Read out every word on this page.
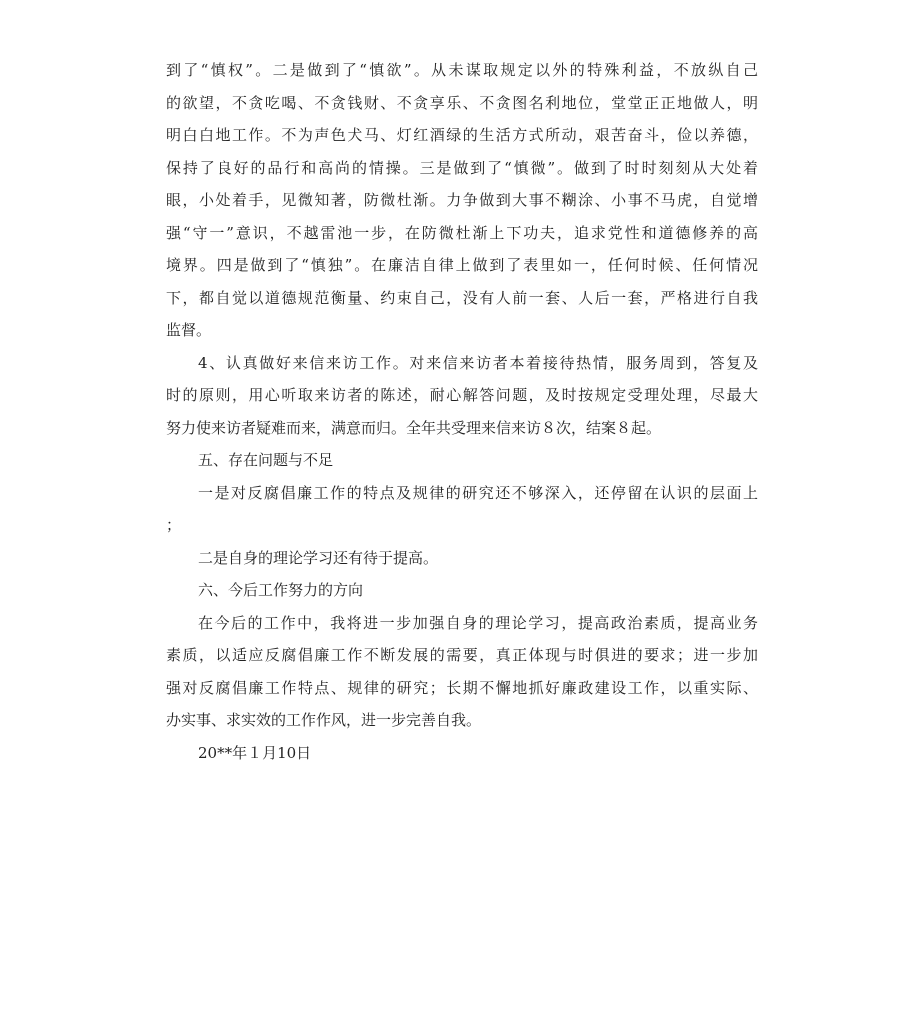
到了“慎权”。二是做到了“慎欲”。从未谋取规定以外的特殊利益，不放纵自己
的欲望，不贪吃喝、不贪钱财、不贪享乐、不贪图名利地位，堂堂正正地做人，明
明白白地工作。不为声色犬马、灯红酒绿的生活方式所动，艰苦奋斗，俭以养德，
保持了良好的品行和高尚的情操。三是做到了“慎微”。做到了时时刻刻从大处着
眼，小处着手，见微知著，防微杜渐。力争做到大事不糊涂、小事不马虎，自觉增
强“守一”意识，不越雷池一步，在防微杜渐上下功夫，追求党性和道德修养的高
境界。四是做到了“慎独”。在廉洁自律上做到了表里如一，任何时候、任何情况
下，都自觉以道德规范衡量、约束自己，没有人前一套、人后一套，严格进行自我
监督。
4、认真做好来信来访工作。对来信来访者本着接待热情，服务周到，答复及
时的原则，用心听取来访者的陈述，耐心解答问题，及时按规定受理处理，尽最大
努力使来访者疑难而来，满意而归。全年共受理来信来访８次，结案８起。
五、存在问题与不足
一是对反腐倡廉工作的特点及规律的研究还不够深入，还停留在认识的层面上
；
二是自身的理论学习还有待于提高。
六、今后工作努力的方向
在今后的工作中，我将进一步加强自身的理论学习，提高政治素质，提高业务
素质，以适应反腐倡廉工作不断发展的需要，真正体现与时俱进的要求；进一步加
强对反腐倡廉工作特点、规律的研究；长期不懈地抓好廉政建设工作，以重实际、
办实事、求实效的工作作风，进一步完善自我。
20**年１月10日
